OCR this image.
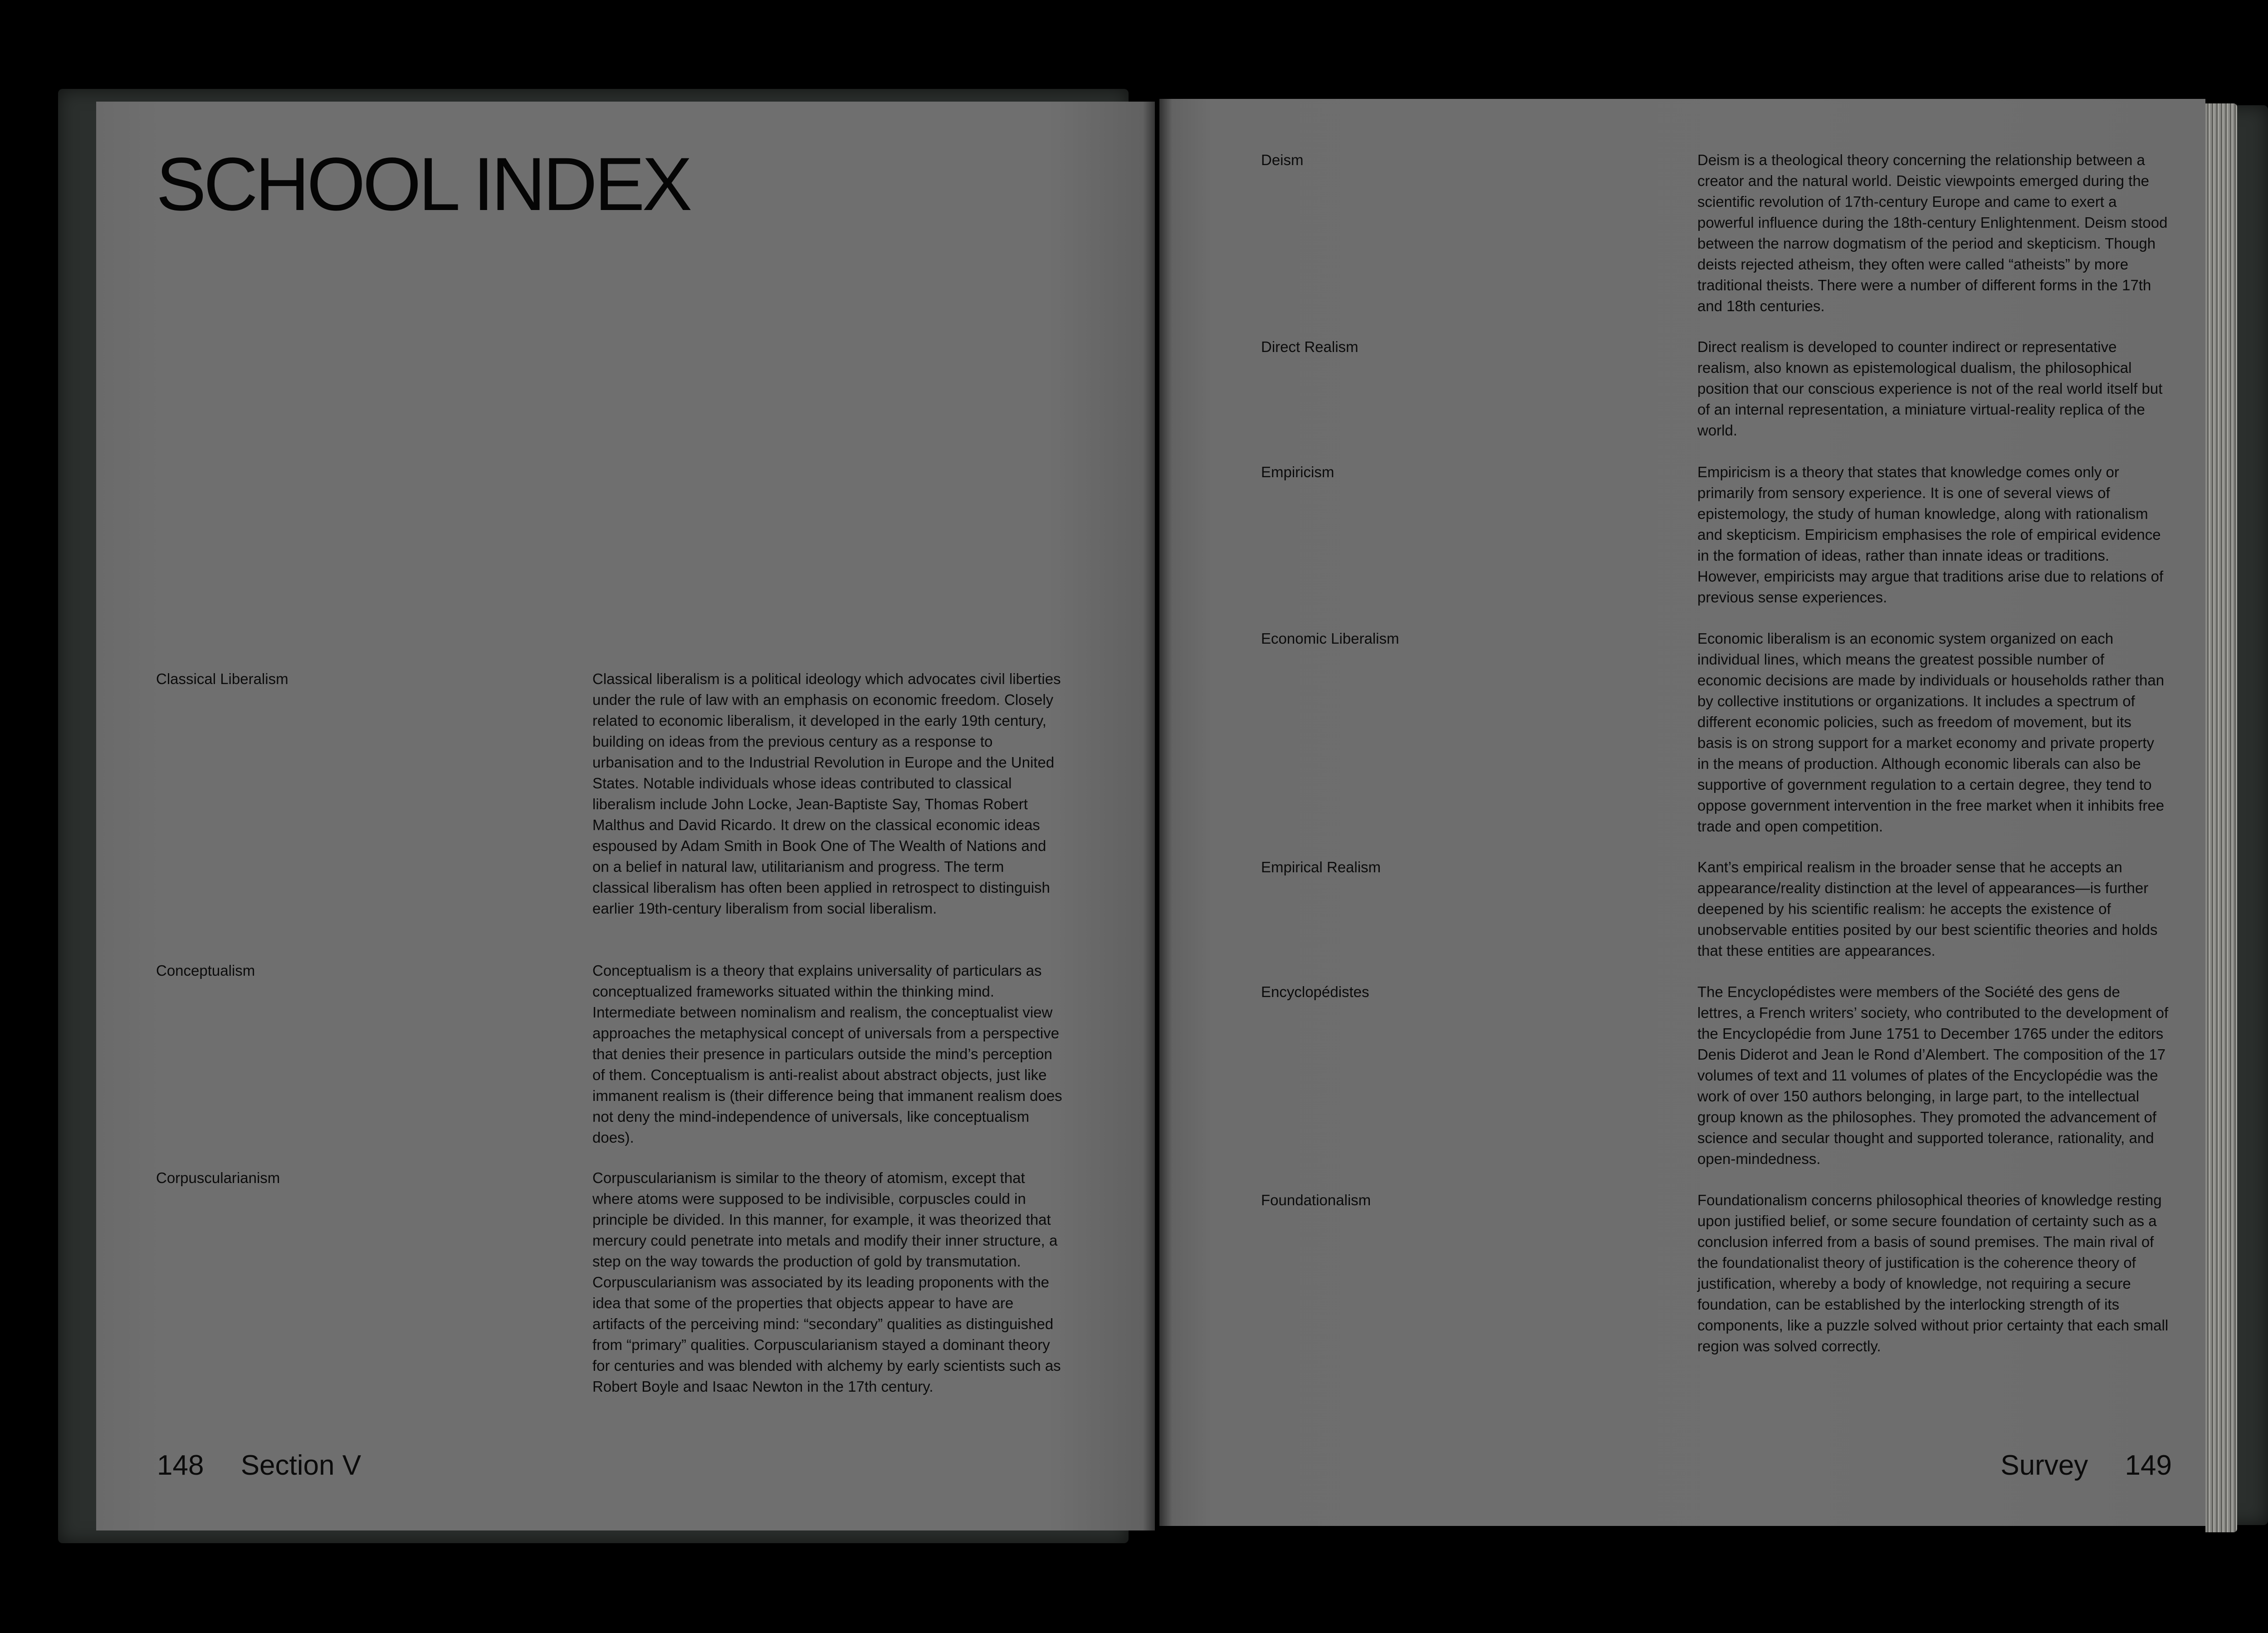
SCHOOL INDEX
Classical Liberalism	Classical liberalism is a political ideology which advocates civil liberties under the rule of law with an emphasis on economic freedom. Closely related to economic liberalism, it developed in the early 19th century, building on ideas from the previous century as a response to urbanisation and to the Industrial Revolution in Europe and the United States. Notable individuals whose ideas contributed to classical liberalism include John Locke, Jean-Baptiste Say, Thomas Robert Malthus and David Ricardo. It drew on the classical economic ideas espoused by Adam Smith in Book One of The Wealth of Nations and on a belief in natural law, utilitarianism and progress. The term classical liberalism has often been applied in retrospect to distinguish earlier 19th-century liberalism from social liberalism.
Conceptualism	Conceptualism is a theory that explains universality of particulars as conceptualized frameworks situated within the thinking mind. Intermediate between nominalism and realism, the conceptualist view approaches the metaphysical concept of universals from a perspective that denies their presence in particulars outside the mind’s perception of them. Conceptualism is anti-realist about abstract objects, just like immanent realism is (their difference being that immanent realism does not deny the mind-independence of universals, like conceptualism does).
Corpuscularianism	Corpuscularianism is similar to the theory of atomism, except that where atoms were supposed to be indivisible, corpuscles could in principle be divided. In this manner, for example, it was theorized that mercury could penetrate into metals and modify their inner structure, a step on the way towards the production of gold by transmutation. Corpuscularianism was associated by its leading proponents with the idea that some of the properties that objects appear to have are artifacts of the perceiving mind: “secondary” qualities as distinguished from “primary” qualities. Corpuscularianism stayed a dominant theory for centuries and was blended with alchemy by early scientists such as Robert Boyle and Isaac Newton in the 17th century.
148 Section V
Deism	Deism is a theological theory concerning the relationship between a creator and the natural world. Deistic viewpoints emerged during the scientific revolution of 17th-century Europe and came to exert a powerful influence during the 18th-century Enlightenment. Deism stood between the narrow dogmatism of the period and skepticism. Though deists rejected atheism, they often were called “atheists” by more traditional theists. There were a number of different forms in the 17th and 18th centuries.
Direct Realism	Direct realism is developed to counter indirect or representative realism, also known as epistemological dualism, the philosophical position that our conscious experience is not of the real world itself but of an internal representation, a miniature virtual-reality replica of the world.
Empiricism	Empiricism is a theory that states that knowledge comes only or primarily from sensory experience. It is one of several views of epistemology, the study of human knowledge, along with rationalism and skepticism. Empiricism emphasises the role of empirical evidence in the formation of ideas, rather than innate ideas or traditions. However, empiricists may argue that traditions arise due to relations of previous sense experiences.
Economic Liberalism	Economic liberalism is an economic system organized on each individual lines, which means the greatest possible number of economic decisions are made by individuals or households rather than by collective institutions or organizations. It includes a spectrum of different economic policies, such as freedom of movement, but its basis is on strong support for a market economy and private property in the means of production. Although economic liberals can also be supportive of government regulation to a certain degree, they tend to oppose government intervention in the free market when it inhibits free trade and open competition.
Empirical Realism	Kant’s empirical realism in the broader sense that he accepts an appearance/reality distinction at the level of appearances—is further deepened by his scientific realism: he accepts the existence of unobservable entities posited by our best scientific theories and holds that these entities are appearances.
Encyclopédistes	The Encyclopédistes were members of the Société des gens de lettres, a French writers’ society, who contributed to the development of the Encyclopédie from June 1751 to December 1765 under the editors Denis Diderot and Jean le Rond d’Alembert. The composition of the 17 volumes of text and 11 volumes of plates of the Encyclopédie was the work of over 150 authors belonging, in large part, to the intellectual group known as the philosophes. They promoted the advancement of science and secular thought and supported tolerance, rationality, and open-mindedness.
Foundationalism	Foundationalism concerns philosophical theories of knowledge resting upon justified belief, or some secure foundation of certainty such as a conclusion inferred from a basis of sound premises. The main rival of the foundationalist theory of justification is the coherence theory of justification, whereby a body of knowledge, not requiring a secure foundation, can be established by the interlocking strength of its components, like a puzzle solved without prior certainty that each small region was solved correctly.
Survey 149
